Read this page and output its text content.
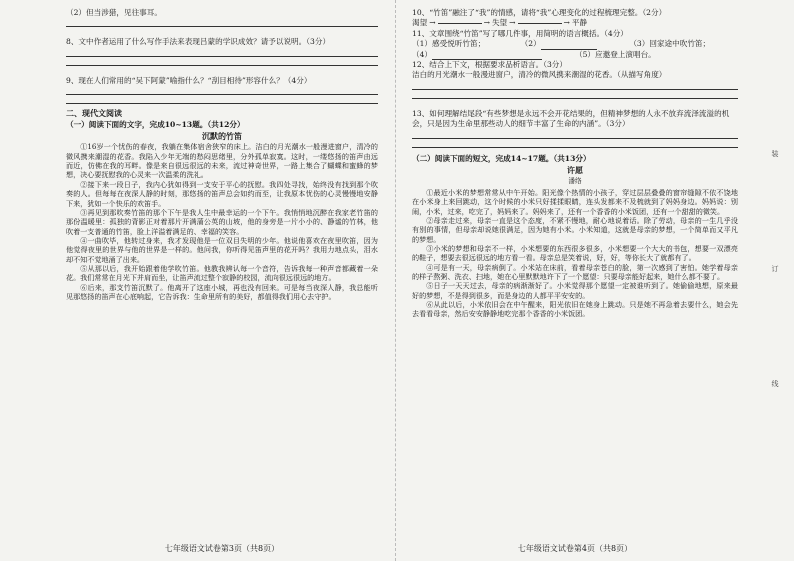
（2）但当涉猎，见往事耳。

8、文中作者运用了什么写作手法来表现吕蒙的学识成效？请予以说明。（3分）

9、现在人们常用的“吴下阿蒙”喻指什么？“刮目相待”形容什么？（4分）

二、现代文阅读

（一）阅读下面的文字，完成10~13题。（共12分）

沉默的竹笛

①16岁一个忧伤的春夜，我躺在集体宿舍狭窄的床上。洁白的月光潮水一般漫进窗户，清冷的微风携来潮湿的花香。我陷入少年无端的愁闷思绪里，分外孤单寂寞。这时，一缕悠扬的笛声由远而近，仿佛在我的耳畔。像是来自很远很远的未来，流过神奇世界，一路上集合了蝴蝶和蜜蜂的梦想，决心要抚慰我的心灵来一次温柔的洗礼。

②接下来一段日子，我内心犹如得到一支安于平心的抚慰。我四处寻找，始终没有找到那个吹奏的人。但每每在夜深人静的时刻，那悠扬的笛声总会如约而至，让我原本忧伤的心灵慢慢地安静下来，犹如一个快乐的欢笛手。

③再见到那吹奏竹笛的那个下午是我人生中最幸运的一个下午。我悄悄地沉醉在我家老竹笛的那份温暖里：孤独的背影正对着那片开满蒲公英的山坡，他的身旁是一片小小的、静谧的竹林，他吹着一支普通的竹笛，脸上洋溢着满足的、幸福的笑容。

④一曲吹毕，他转过身来，我才发现他是一位双目失明的少年。他说他喜欢在夜里吹笛，因为他觉得夜里的世界与他的世界是一样的。他问我，你听得见笛声里的花开吗？我用力地点头，泪水却不知不觉地涌了出来。

⑤从那以后，我开始跟着他学吹竹笛。他教我辨认每一个音符，告诉我每一种声音都藏着一朵花。我们常常在月光下并肩而坐，让笛声流过整个寂静的校园，流向很远很远的地方。

⑥后来，那支竹笛沉默了。他离开了这座小城，再也没有回来。可是每当夜深人静，我总能听见那悠扬的笛声在心底响起，它告诉我：生命里所有的美好，都值得我们用心去守护。

七年级语文试卷第3页（共8页）

10、“竹笛”融注了“我”的情感，请将“我”心理变化的过程梳理完整。（2分）

渴望 →	→ 失望 →	→ 平静

11、文章围绕“竹笛”写了哪几件事，用简明的语言概括。（4分）

（1）感受悦听竹笛；	（2）	（3）回家途中吹竹笛；
（4）	（5）应邀登上演唱台。

12、结合上下文，根据要求品析语言。（3分）

洁白的月光潮水一般漫进窗户，清冷的微风携来潮湿的花香。（从描写角度）

13、如何理解结尾段“有些梦想是永远不会开花结果的，但精神梦想的人永不放弃流泽流溢的机会，只是因为生命里那些动人的细节丰富了生命的内涵”。（3分）

（二）阅读下面的短文，完成14~17题。（共13分）

许愿

潘络

①最近小米的梦想常常从中午开始。阳光像个热情的小孩子，穿过层层叠叠的窗帘缝隙不依不饶地在小米身上来回跳动，这个时候的小米只好揉揉眼睛，连头发都来不及梳就到了妈妈身边。妈妈说：别闹，小米，过来，吃完了，妈妈来了。妈妈来了，还有一个香香的小米饭团，还有一个甜甜的微笑。

②母亲走过来，母亲一直是这个态度，不紧不慢地，耐心地说着话。除了劳动，母亲的一生几乎没有别的事情，但母亲却说她很满足，因为她有小米。小米知道，这就是母亲的梦想，一个简单而又平凡的梦想。

③小米的梦想和母亲不一样，小米想要的东西很多很多，小米想要一个大大的书包，想要一双漂亮的鞋子，想要去很远很远的地方看一看。母亲总是笑着说，好，好，等你长大了就都有了。

④可是有一天，母亲病倒了。小米站在床前，看着母亲苍白的脸，第一次感到了害怕。她学着母亲的样子熬粥、洗衣、扫地，她在心里默默地许下了一个愿望：只要母亲能好起来，她什么都不要了。

⑤日子一天天过去，母亲的病渐渐好了。小米觉得那个愿望一定被谁听到了。她偷偷地想，原来最好的梦想，不是得到很多，而是身边的人都平平安安的。

⑥从此以后，小米依旧会在中午醒来，阳光依旧在她身上跳动。只是她不再急着去要什么，她会先去看看母亲，然后安安静静地吃完那个香香的小米饭团。

七年级语文试卷第4页（共8页）
装
订
线
